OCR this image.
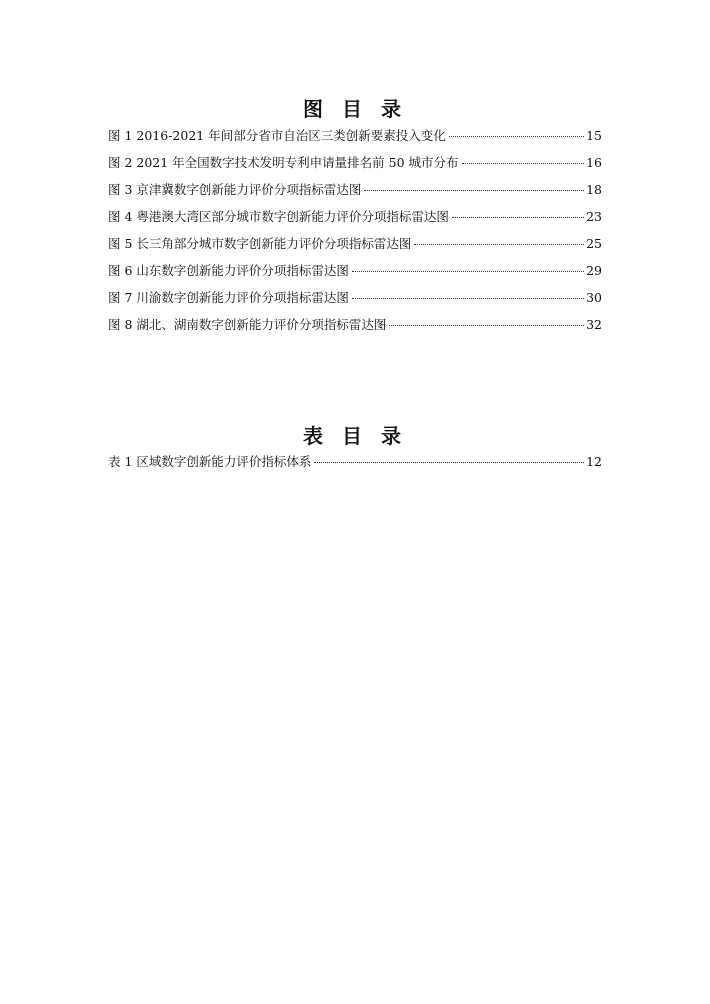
图 目 录
图 1 2016-2021 年间部分省市自治区三类创新要素投入变化	15
图 2 2021 年全国数字技术发明专利申请量排名前 50 城市分布	16
图 3 京津冀数字创新能力评价分项指标雷达图	18
图 4 粤港澳大湾区部分城市数字创新能力评价分项指标雷达图	23
图 5 长三角部分城市数字创新能力评价分项指标雷达图	25
图 6 山东数字创新能力评价分项指标雷达图	29
图 7 川渝数字创新能力评价分项指标雷达图	30
图 8 湖北、湖南数字创新能力评价分项指标雷达图	32
表 目 录
表 1 区域数字创新能力评价指标体系	12
